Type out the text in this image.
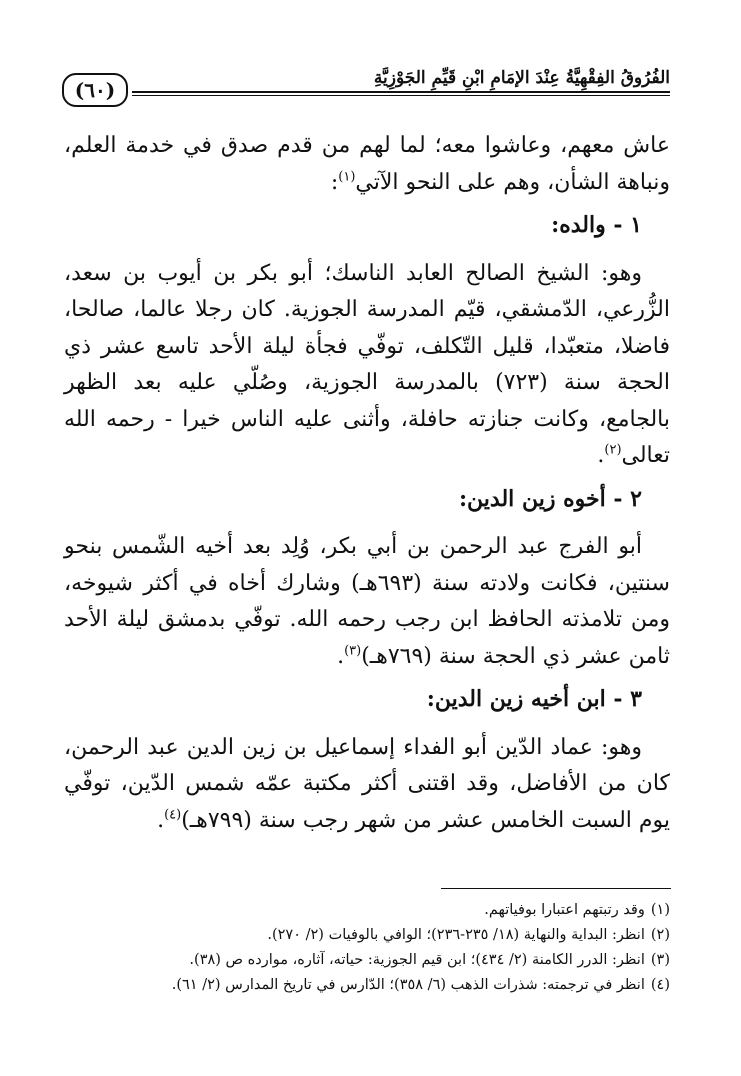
الفُرُوقُ الفِقْهِيَّةُ عِنْدَ الإمَامِ ابْنِ قَيِّمِ الجَوْزِيَّةِ
(٦٠)

عاش معهم، وعاشوا معه؛ لما لهم من قدم صدق في خدمة العلم، ونباهة الشأن، وهم على النحو الآتي$^{(١)}$:

١ - والده:

وهو: الشيخ الصالح العابد الناسك؛ أبو بكر بن أيوب بن سعد، الزُّرعي، الدّمشقي، قيّم المدرسة الجوزية. كان رجلا عالما، صالحا، فاضلا، متعبّدا، قليل التّكلف، توفّي فجأة ليلة الأحد تاسع عشر ذي الحجة سنة (٧٢٣) بالمدرسة الجوزية، وصُلّي عليه بعد الظهر بالجامع، وكانت جنازته حافلة، وأثنى عليه الناس خيرا - رحمه الله تعالى$^{(٢)}$.

٢ - أخوه زين الدين:

أبو الفرج عبد الرحمن بن أبي بكر، وُلِد بعد أخيه الشّمس بنحو سنتين، فكانت ولادته سنة (٦٩٣هـ) وشارك أخاه في أكثر شيوخه، ومن تلامذته الحافظ ابن رجب رحمه الله. توفّي بدمشق ليلة الأحد ثامن عشر ذي الحجة سنة (٧٦٩هـ)$^{(٣)}$.

٣ - ابن أخيه زين الدين:

وهو: عماد الدّين أبو الفداء إسماعيل بن زين الدين عبد الرحمن، كان من الأفاضل، وقد اقتنى أكثر مكتبة عمّه شمس الدّين، توفّي يوم السبت الخامس عشر من شهر رجب سنة (٧٩٩هـ)$^{(٤)}$.

(١)وقد رتبتهم اعتبارا بوفياتهم.

(٢)انظر: البداية والنهاية (١٨/ ٢٣٥-٢٣٦)؛ الوافي بالوفيات (٢/ ٢٧٠).

(٣)انظر: الدرر الكامنة (٢/ ٤٣٤)؛ ابن قيم الجوزية: حياته، آثاره، موارده ص (٣٨).

(٤)انظر في ترجمته: شذرات الذهب (٦/ ٣٥٨)؛ الدّارس في تاريخ المدارس (٢/ ٦١).
